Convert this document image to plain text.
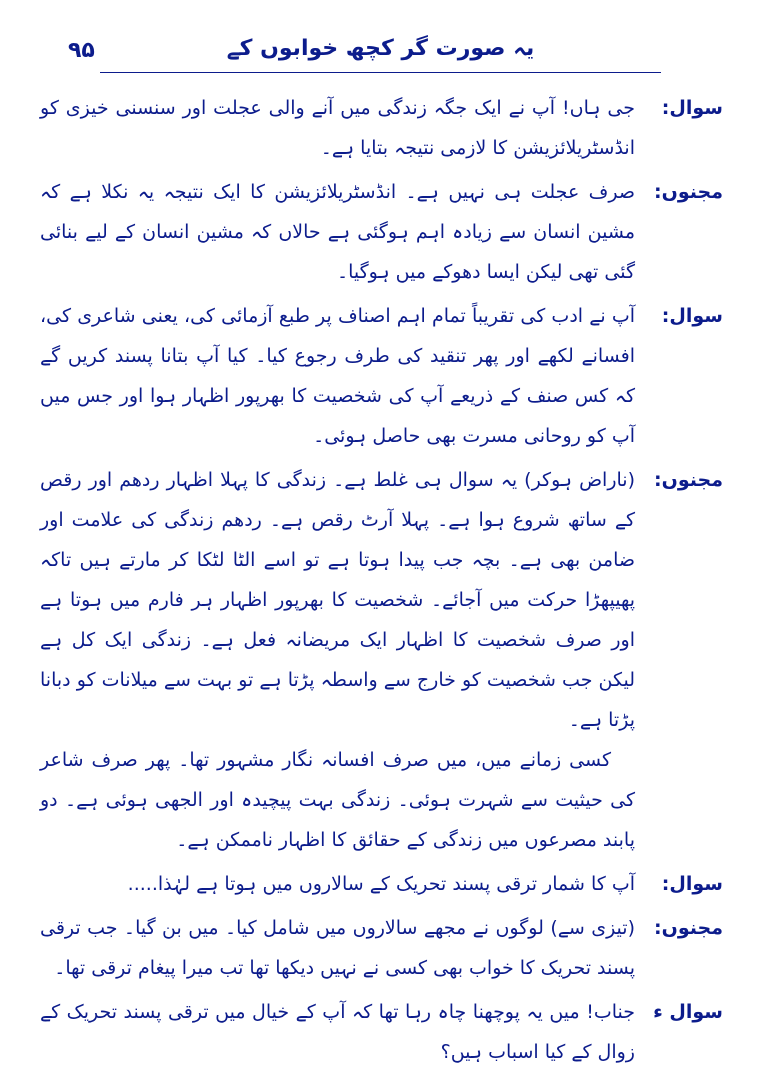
۹۵	یہ صورت گر کچھ خوابوں کے
سوال:

جی ہاں! آپ نے ایک جگہ زندگی میں آنے والی عجلت اور سنسنی خیزی کو انڈسٹریلائزیشن کا لازمی نتیجہ بتایا ہے۔

مجنوں:

صرف عجلت ہی نہیں ہے۔ انڈسٹریلائزیشن کا ایک نتیجہ یہ نکلا ہے کہ مشین انسان سے زیادہ اہم ہوگئی ہے حالاں کہ مشین انسان کے لیے بنائی گئی تھی لیکن ایسا دھوکے میں ہوگیا۔

سوال:

آپ نے ادب کی تقریباً تمام اہم اصناف پر طبع آزمائی کی، یعنی شاعری کی، افسانے لکھے اور پھر تنقید کی طرف رجوع کیا۔ کیا آپ بتانا پسند کریں گے کہ کس صنف کے ذریعے آپ کی شخصیت کا بھرپور اظہار ہوا اور جس میں آپ کو روحانی مسرت بھی حاصل ہوئی۔

مجنوں:

(ناراض ہوکر) یہ سوال ہی غلط ہے۔ زندگی کا پہلا اظہار ردھم اور رقص کے ساتھ شروع ہوا ہے۔ پہلا آرٹ رقص ہے۔ ردھم زندگی کی علامت اور ضامن بھی ہے۔ بچہ جب پیدا ہوتا ہے تو اسے الٹا لٹکا کر مارتے ہیں تاکہ پھیپھڑا حرکت میں آجائے۔ شخصیت کا بھرپور اظہار ہر فارم میں ہوتا ہے اور صرف شخصیت کا اظہار ایک مریضانہ فعل ہے۔ زندگی ایک کل ہے لیکن جب شخصیت کو خارج سے واسطہ پڑتا ہے تو بہت سے میلانات کو دبانا پڑتا ہے۔

کسی زمانے میں، میں صرف افسانہ نگار مشہور تھا۔ پھر صرف شاعر کی حیثیت سے شہرت ہوئی۔ زندگی بہت پیچیدہ اور الجھی ہوئی ہے۔ دو پابند مصرعوں میں زندگی کے حقائق کا اظہار ناممکن ہے۔

سوال:

آپ کا شمار ترقی پسند تحریک کے سالاروں میں ہوتا ہے لہٰذا.....

مجنوں:

(تیزی سے) لوگوں نے مجھے سالاروں میں شامل کیا۔ میں بن گیا۔ جب ترقی پسند تحریک کا خواب بھی کسی نے نہیں دیکھا تھا تب میرا پیغام ترقی تھا۔

سوال ء

جناب! میں یہ پوچھنا چاہ رہا تھا کہ آپ کے خیال میں ترقی پسند تحریک کے زوال کے کیا اسباب ہیں؟
